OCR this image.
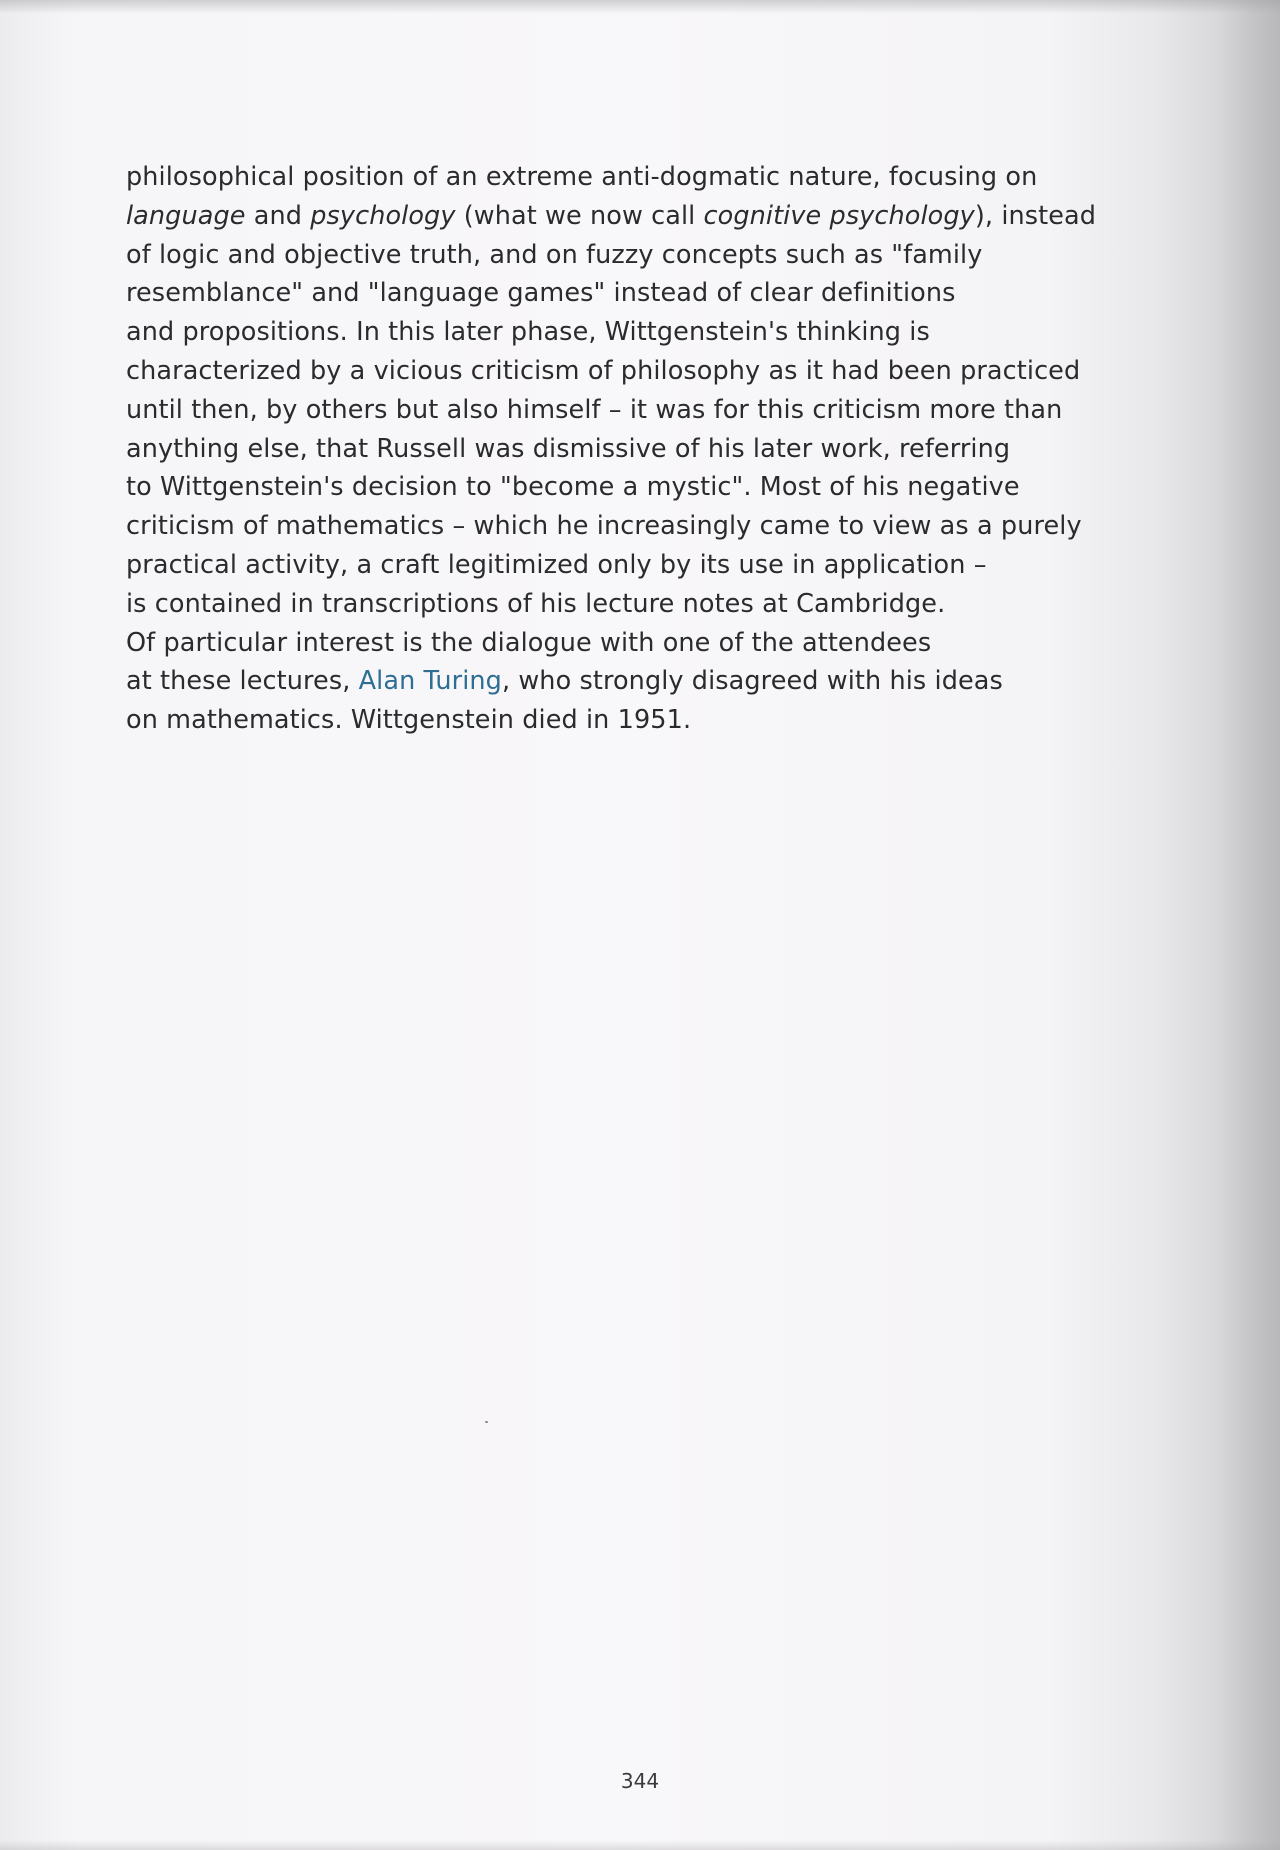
philosophical position of an extreme anti-dogmatic nature, focusing on
language and psychology (what we now call cognitive psychology), instead
of logic and objective truth, and on fuzzy concepts such as "family
resemblance" and "language games" instead of clear definitions
and propositions. In this later phase, Wittgenstein's thinking is
characterized by a vicious criticism of philosophy as it had been practiced
until then, by others but also himself – it was for this criticism more than
anything else, that Russell was dismissive of his later work, referring
to Wittgenstein's decision to "become a mystic". Most of his negative
criticism of mathematics – which he increasingly came to view as a purely
practical activity, a craft legitimized only by its use in application –
is contained in transcriptions of his lecture notes at Cambridge.
Of particular interest is the dialogue with one of the attendees
at these lectures, Alan Turing, who strongly disagreed with his ideas
on mathematics. Wittgenstein died in 1951.

344
